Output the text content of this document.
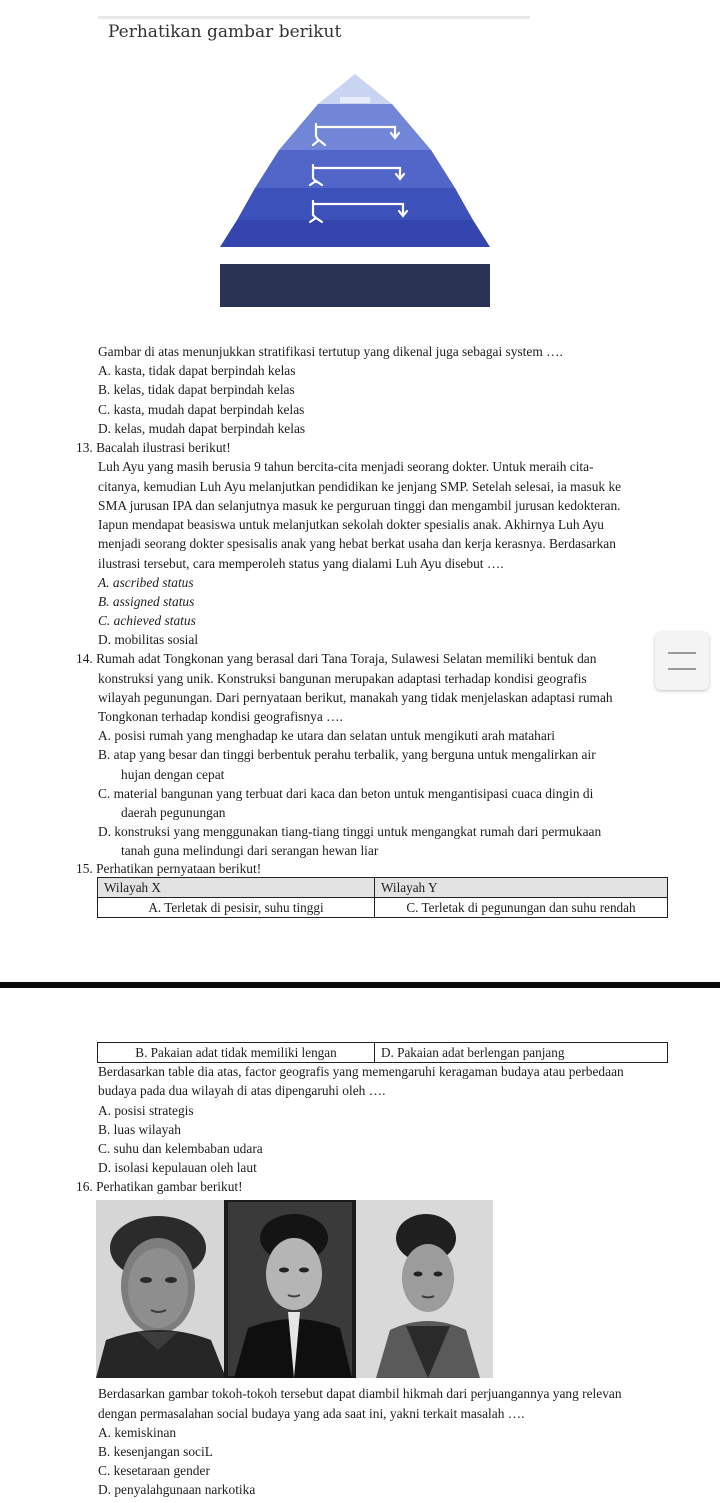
Perhatikan gambar berikut
Gambar di atas menunjukkan stratifikasi tertutup yang dikenal juga sebagai system ….
A. kasta, tidak dapat berpindah kelas
B. kelas, tidak dapat berpindah kelas
C. kasta, mudah dapat berpindah kelas
D. kelas, mudah dapat berpindah kelas
13. Bacalah ilustrasi berikut!
Luh Ayu yang masih berusia 9 tahun bercita-cita menjadi seorang dokter. Untuk meraih cita-
citanya, kemudian Luh Ayu melanjutkan pendidikan ke jenjang SMP. Setelah selesai, ia masuk ke
SMA jurusan IPA dan selanjutnya masuk ke perguruan tinggi dan mengambil jurusan kedokteran.
Iapun mendapat beasiswa untuk melanjutkan sekolah dokter spesialis anak. Akhirnya Luh Ayu
menjadi seorang dokter spesisalis anak yang hebat berkat usaha dan kerja kerasnya. Berdasarkan
ilustrasi tersebut, cara memperoleh status yang dialami Luh Ayu disebut ….
A. ascribed status
B. assigned status
C. achieved status
D. mobilitas sosial
14. Rumah adat Tongkonan yang berasal dari Tana Toraja, Sulawesi Selatan memiliki bentuk dan
konstruksi yang unik. Konstruksi bangunan merupakan adaptasi terhadap kondisi geografis
wilayah pegunungan. Dari pernyataan berikut, manakah yang tidak menjelaskan adaptasi rumah
Tongkonan terhadap kondisi geografisnya ….
A. posisi rumah yang menghadap ke utara dan selatan untuk mengikuti arah matahari
B. atap yang besar dan tinggi berbentuk perahu terbalik, yang berguna untuk mengalirkan air
hujan dengan cepat
C. material bangunan yang terbuat dari kaca dan beton untuk mengantisipasi cuaca dingin di
daerah pegunungan
D. konstruksi yang menggunakan tiang-tiang tinggi untuk mengangkat rumah dari permukaan
tanah guna melindungi dari serangan hewan liar
15. Perhatikan pernyataan berikut!
Wilayah X	Wilayah Y
A. Terletak di pesisir, suhu tinggi	C. Terletak di pegunungan dan suhu rendah
B. Pakaian adat tidak memiliki lengan	D. Pakaian adat berlengan panjang
Berdasarkan table dia atas, factor geografis yang memengaruhi keragaman budaya atau perbedaan
budaya pada dua wilayah di atas dipengaruhi oleh ….
A. posisi strategis
B. luas wilayah
C. suhu dan kelembaban udara
D. isolasi kepulauan oleh laut
16. Perhatikan gambar berikut!
Berdasarkan gambar tokoh-tokoh tersebut dapat diambil hikmah dari perjuangannya yang relevan
dengan permasalahan social budaya yang ada saat ini, yakni terkait masalah ….
A. kemiskinan
B. kesenjangan sociL
C. kesetaraan gender
D. penyalahgunaan narkotika
